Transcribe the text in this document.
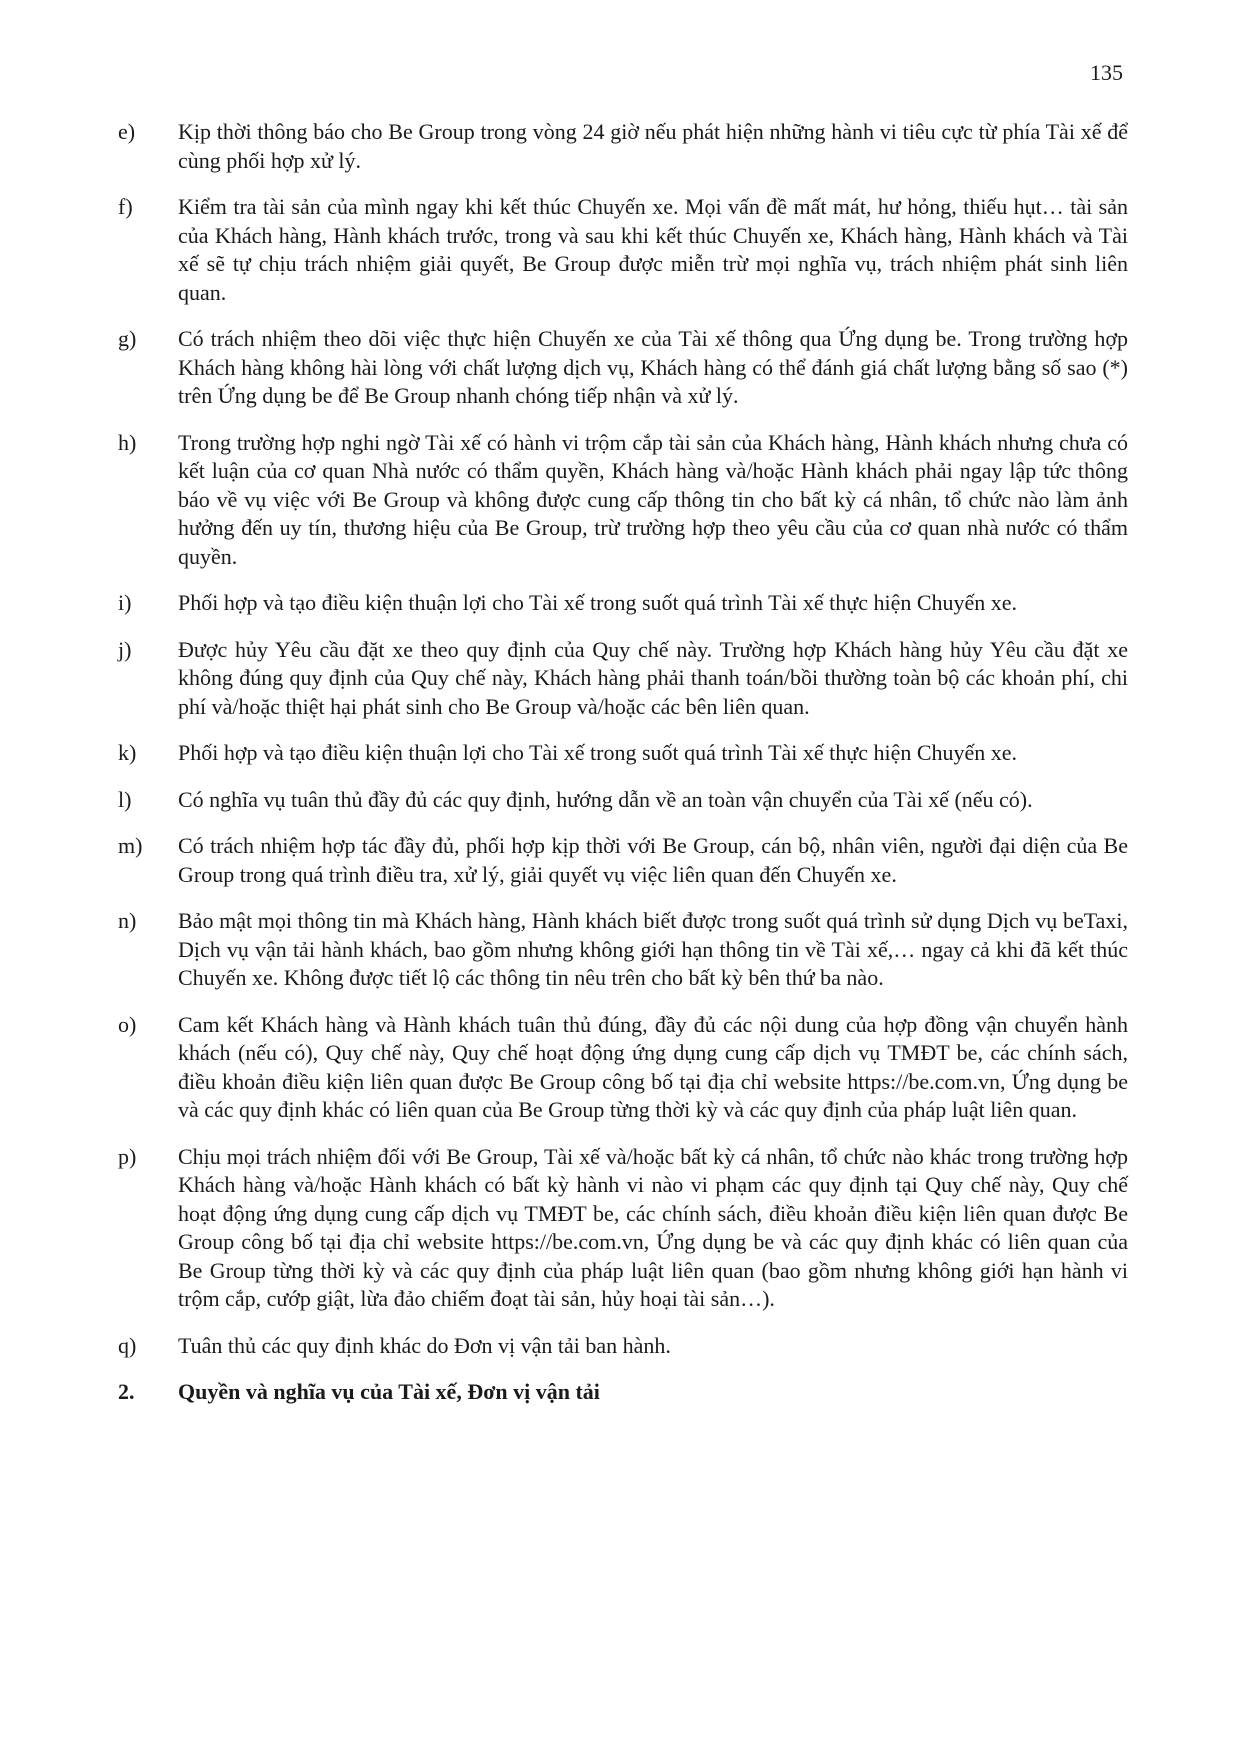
135
e)	Kịp thời thông báo cho Be Group trong vòng 24 giờ nếu phát hiện những hành vi tiêu cực từ phía Tài xế để cùng phối hợp xử lý.
f)	Kiểm tra tài sản của mình ngay khi kết thúc Chuyến xe. Mọi vấn đề mất mát, hư hỏng, thiếu hụt… tài sản của Khách hàng, Hành khách trước, trong và sau khi kết thúc Chuyến xe, Khách hàng, Hành khách và Tài xế sẽ tự chịu trách nhiệm giải quyết, Be Group được miễn trừ mọi nghĩa vụ, trách nhiệm phát sinh liên quan.
g)	Có trách nhiệm theo dõi việc thực hiện Chuyến xe của Tài xế thông qua Ứng dụng be. Trong trường hợp Khách hàng không hài lòng với chất lượng dịch vụ, Khách hàng có thể đánh giá chất lượng bằng số sao (*) trên Ứng dụng be để Be Group nhanh chóng tiếp nhận và xử lý.
h)	Trong trường hợp nghi ngờ Tài xế có hành vi trộm cắp tài sản của Khách hàng, Hành khách nhưng chưa có kết luận của cơ quan Nhà nước có thẩm quyền, Khách hàng và/hoặc Hành khách phải ngay lập tức thông báo về vụ việc với Be Group và không được cung cấp thông tin cho bất kỳ cá nhân, tổ chức nào làm ảnh hưởng đến uy tín, thương hiệu của Be Group, trừ trường hợp theo yêu cầu của cơ quan nhà nước có thẩm quyền.
i)	Phối hợp và tạo điều kiện thuận lợi cho Tài xế trong suốt quá trình Tài xế thực hiện Chuyến xe.
j)	Được hủy Yêu cầu đặt xe theo quy định của Quy chế này. Trường hợp Khách hàng hủy Yêu cầu đặt xe không đúng quy định của Quy chế này, Khách hàng phải thanh toán/bồi thường toàn bộ các khoản phí, chi phí và/hoặc thiệt hại phát sinh cho Be Group và/hoặc các bên liên quan.
k)	Phối hợp và tạo điều kiện thuận lợi cho Tài xế trong suốt quá trình Tài xế thực hiện Chuyến xe.
l)	Có nghĩa vụ tuân thủ đầy đủ các quy định, hướng dẫn về an toàn vận chuyển của Tài xế (nếu có).
m)	Có trách nhiệm hợp tác đầy đủ, phối hợp kịp thời với Be Group, cán bộ, nhân viên, người đại diện của Be Group trong quá trình điều tra, xử lý, giải quyết vụ việc liên quan đến Chuyến xe.
n)	Bảo mật mọi thông tin mà Khách hàng, Hành khách biết được trong suốt quá trình sử dụng Dịch vụ beTaxi, Dịch vụ vận tải hành khách, bao gồm nhưng không giới hạn thông tin về Tài xế,… ngay cả khi đã kết thúc Chuyến xe. Không được tiết lộ các thông tin nêu trên cho bất kỳ bên thứ ba nào.
o)	Cam kết Khách hàng và Hành khách tuân thủ đúng, đầy đủ các nội dung của hợp đồng vận chuyển hành khách (nếu có), Quy chế này, Quy chế hoạt động ứng dụng cung cấp dịch vụ TMĐT be, các chính sách, điều khoản điều kiện liên quan được Be Group công bố tại địa chỉ website https://be.com.vn, Ứng dụng be và các quy định khác có liên quan của Be Group từng thời kỳ và các quy định của pháp luật liên quan.
p)	Chịu mọi trách nhiệm đối với Be Group, Tài xế và/hoặc bất kỳ cá nhân, tổ chức nào khác trong trường hợp Khách hàng và/hoặc Hành khách có bất kỳ hành vi nào vi phạm các quy định tại Quy chế này, Quy chế hoạt động ứng dụng cung cấp dịch vụ TMĐT be, các chính sách, điều khoản điều kiện liên quan được Be Group công bố tại địa chỉ website https://be.com.vn, Ứng dụng be và các quy định khác có liên quan của Be Group từng thời kỳ và các quy định của pháp luật liên quan (bao gồm nhưng không giới hạn hành vi trộm cắp, cướp giật, lừa đảo chiếm đoạt tài sản, hủy hoại tài sản…).
q)	Tuân thủ các quy định khác do Đơn vị vận tải ban hành.
2.	Quyền và nghĩa vụ của Tài xế, Đơn vị vận tải
